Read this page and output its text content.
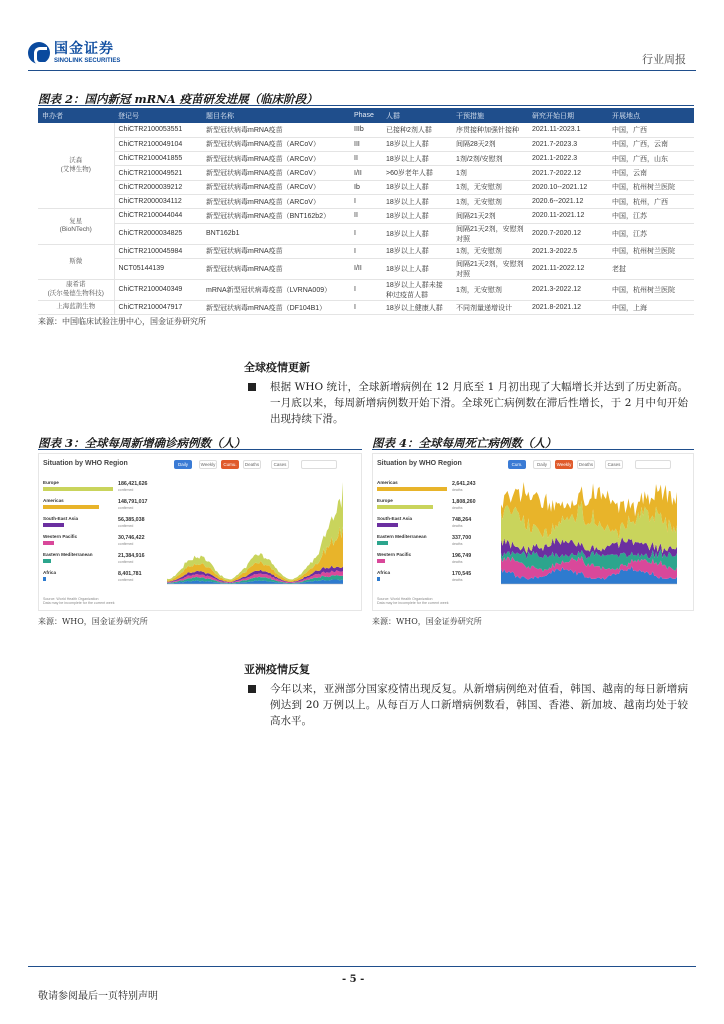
国金证券
SINOLINK SECURITIES	行业周报
图表 2：国内新冠 mRNA 疫苗研发进展（临床阶段）
申办者	登记号	题目名称	Phase	人群	干预措施	研究开始日期	开展地点
沃森
(艾博生物)	ChiCTR2100053551	新型冠状病毒mRNA疫苗	IIIb	已接种2剂人群	序贯接种加强针接种	2021.11-2023.1	中国，广西
	ChiCTR2100049104	新型冠状病毒mRNA疫苗（ARCoV）	III	18岁以上人群	间隔28天2剂	2021.7-2023.3	中国，广西，云南
	ChiCTR2100041855	新型冠状病毒mRNA疫苗（ARCoV）	II	18岁以上人群	1剂/2剂/安慰剂	2021.1-2022.3	中国，广西，山东
	ChiCTR2100049521	新型冠状病毒mRNA疫苗（ARCoV）	I/II	>60岁老年人群	1剂	2021.7-2022.12	中国，云南
	ChiCTR2000039212	新型冠状病毒mRNA疫苗（ARCoV）	Ib	18岁以上人群	1剂，无安慰剂	2020.10--2021.12	中国，杭州树兰医院
	ChiCTR2000034112	新型冠状病毒mRNA疫苗（ARCoV）	I	18岁以上人群	1剂，无安慰剂	2020.6--2021.12	中国，杭州，广西
复星
(BioNTech)	ChiCTR2100044044	新型冠状病毒mRNA疫苗（BNT162b2）	II	18岁以上人群	间隔21天2剂	2020.11-2021.12	中国，江苏
	ChiCTR2000034825	BNT162b1	I	18岁以上人群	间隔21天2剂，安慰剂对照	2020.7-2020.12	中国，江苏
斯微	ChiCTR2100045984	新型冠状病毒mRNA疫苗	I	18岁以上人群	1剂，无安慰剂	2021.3-2022.5	中国，杭州树兰医院
	NCT05144139	新型冠状病毒mRNA疫苗	I/II	18岁以上人群	间隔21天2剂，安慰剂对照	2021.11-2022.12	老挝
康希诺
(沃尔曼德生物科技)	ChiCTR2100040349	mRNA新型冠状病毒疫苗（LVRNA009）	I	18岁以上人群未接种过疫苗人群	1剂，无安慰剂	2021.3-2022.12	中国，杭州树兰医院
上海蓝鹊生物	ChiCTR2100047917	新型冠状病毒mRNA疫苗（DF104B1）	I	18岁以上健康人群	不同剂量递增设计	2021.8-2021.12	中国，上海
来源：中国临床试验注册中心，国金证券研究所
全球疫情更新
根据 WHO 统计，全球新增病例在 12 月底至 1 月初出现了大幅增长并达到了历史新高。一月底以来，每周新增病例数开始下滑。全球死亡病例数在滞后性增长，于 2 月中旬开始出现持续下滑。
图表 3：全球每周新增确诊病例数（人）
Situation by WHO Region	Daily	Weekly	Cumu.	Deaths	Cases
Europe	186,421,626
confirmed
Americas	148,791,017
confirmed
South-East Asia	56,385,038
confirmed
Western Pacific	30,746,422
confirmed
Eastern Mediterranean	21,384,916
confirmed
Africa	8,401,781
confirmed
Source: World Health Organization
Data may be incomplete for the current week
来源：WHO，国金证券研究所
图表 4：全球每周死亡病例数（人）
Situation by WHO Region	Cum.	Daily	Weekly	Deaths	Cases
Americas	2,641,243
deaths
Europe	1,808,260
deaths
South-East Asia	748,264
deaths
Eastern Mediterranean	337,700
deaths
Western Pacific	196,749
deaths
Africa	170,545
deaths
Source: World Health Organization
Data may be incomplete for the current week
来源：WHO，国金证券研究所
亚洲疫情反复
今年以来，亚洲部分国家疫情出现反复。从新增病例绝对值看，韩国、越南的每日新增病例达到 20 万例以上。从每百万人口新增病例数看，韩国、香港、新加坡、越南均处于较高水平。
- 5 -
敬请参阅最后一页特别声明
